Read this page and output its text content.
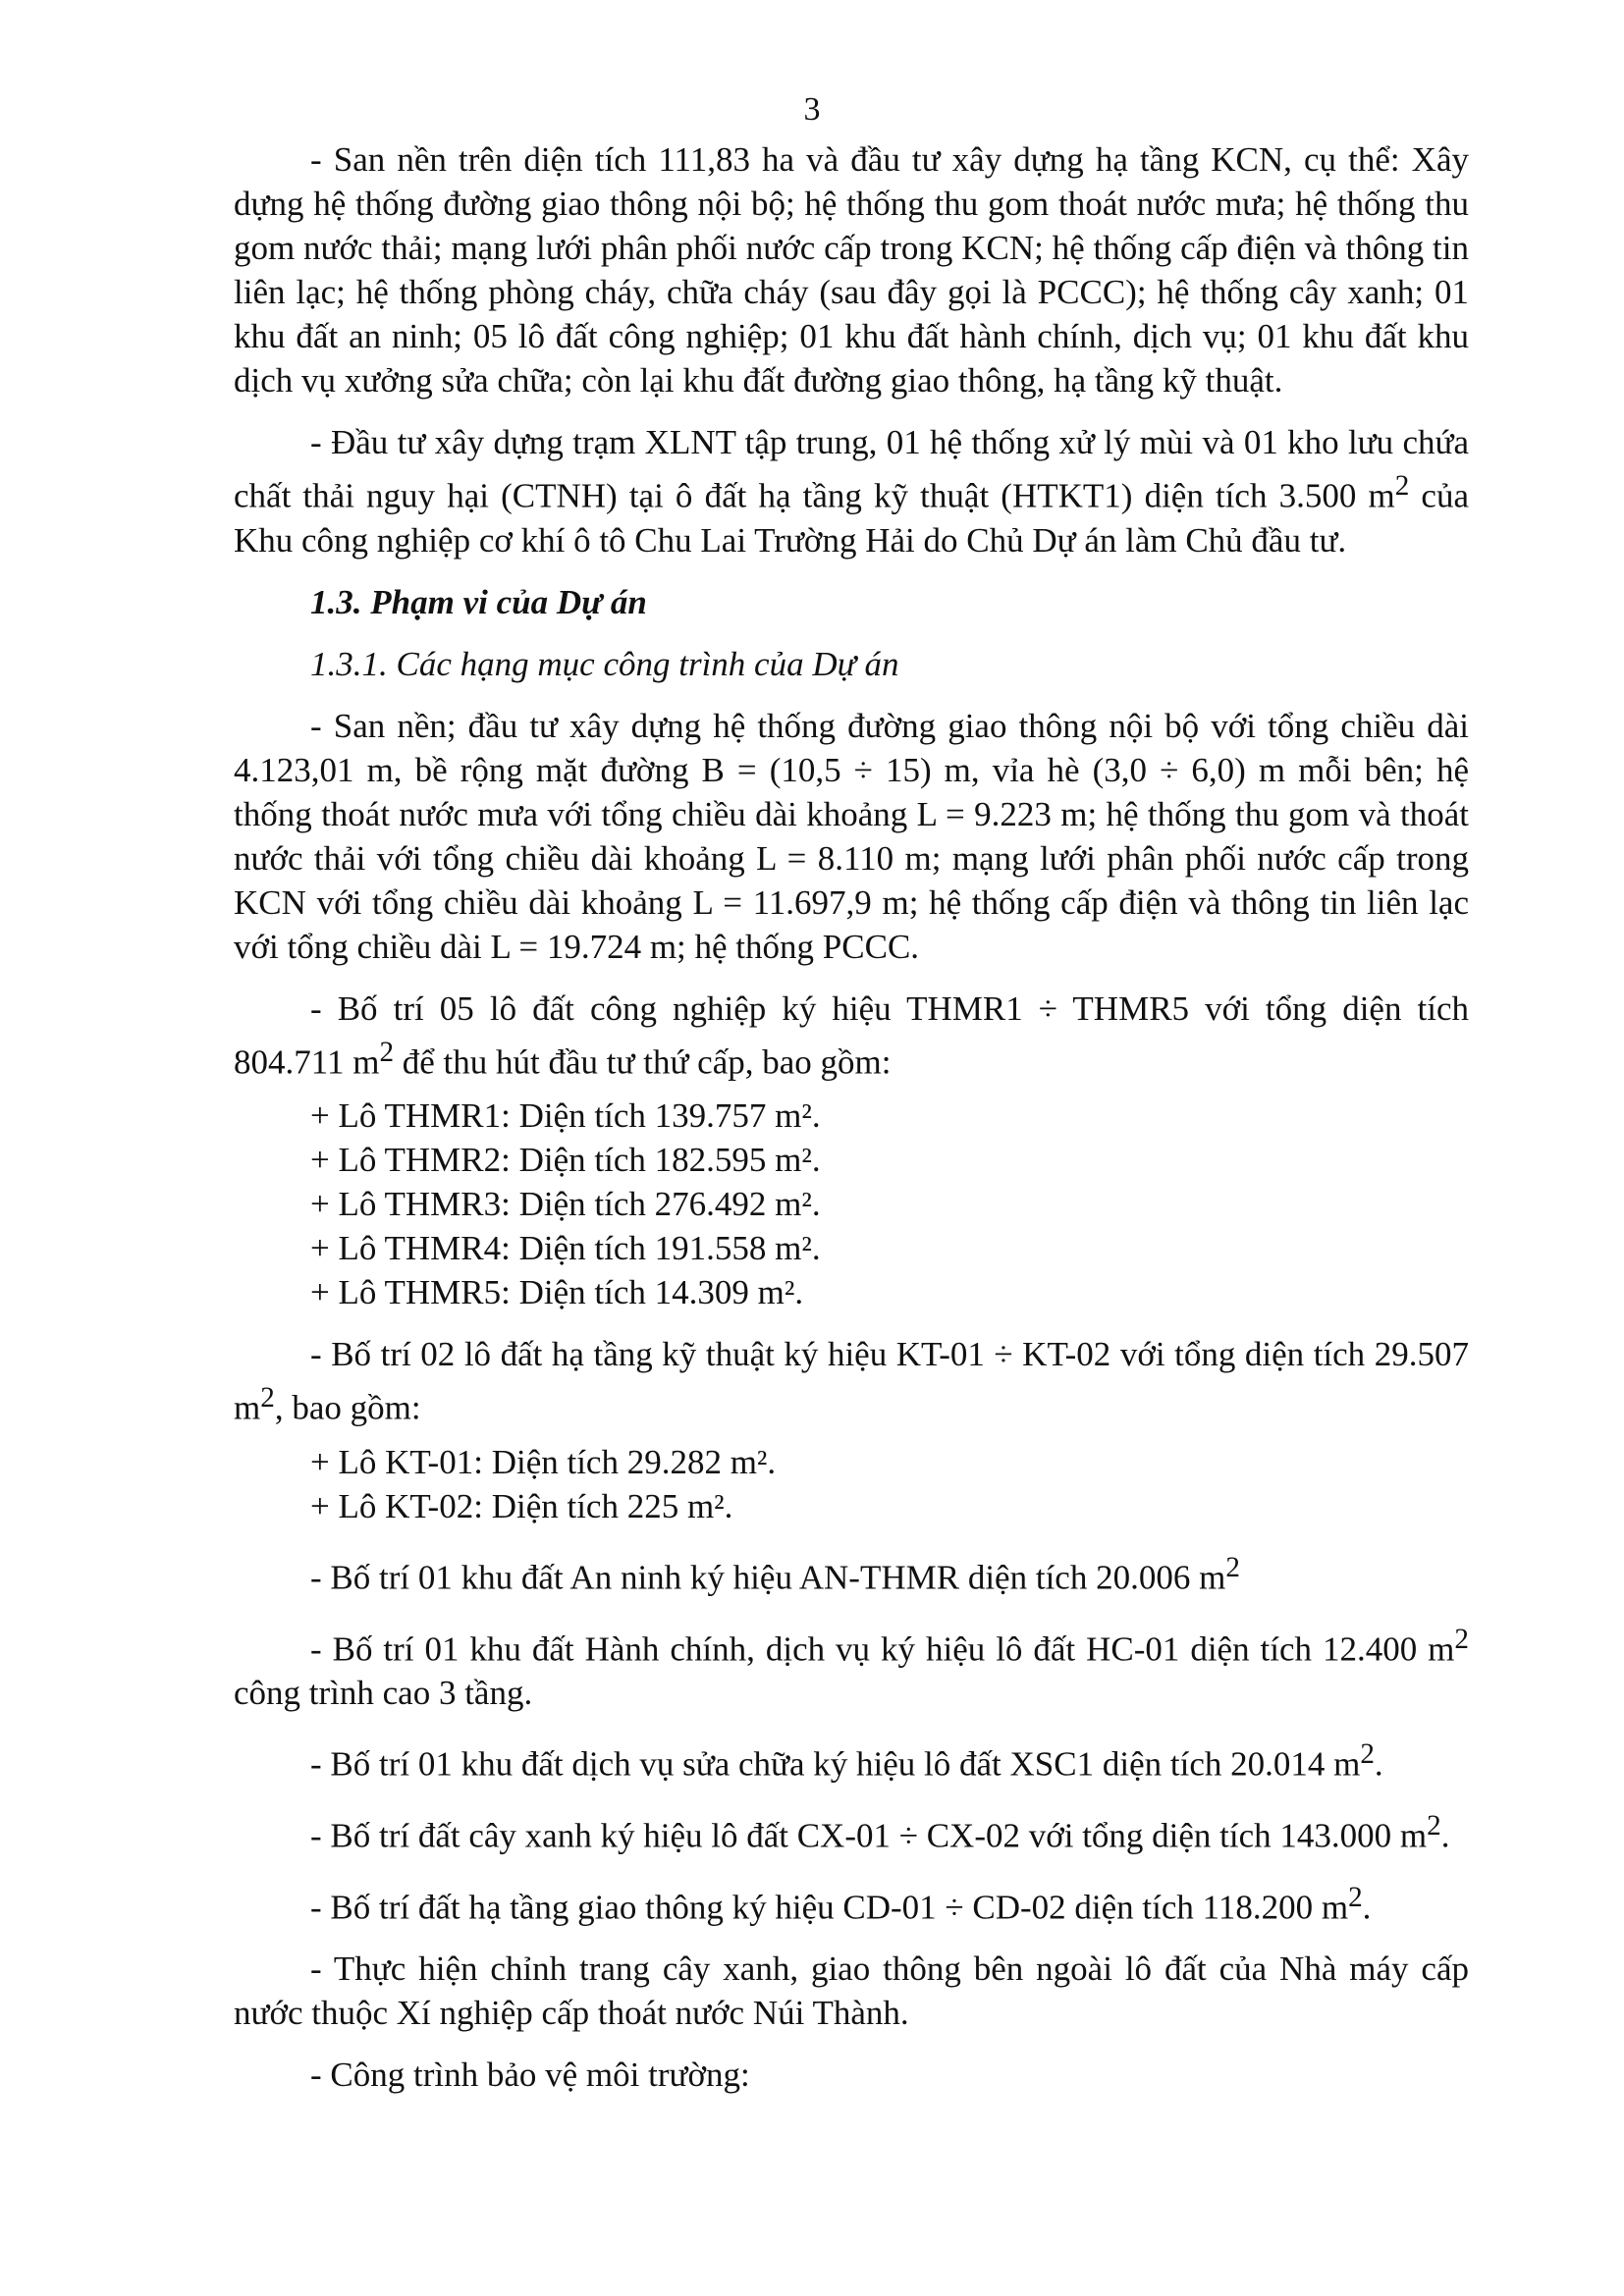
3

- San nền trên diện tích 111,83 ha và đầu tư xây dựng hạ tầng KCN, cụ thể: Xây dựng hệ thống đường giao thông nội bộ; hệ thống thu gom thoát nước mưa; hệ thống thu gom nước thải; mạng lưới phân phối nước cấp trong KCN; hệ thống cấp điện và thông tin liên lạc; hệ thống phòng cháy, chữa cháy (sau đây gọi là PCCC); hệ thống cây xanh; 01 khu đất an ninh; 05 lô đất công nghiệp; 01 khu đất hành chính, dịch vụ; 01 khu đất khu dịch vụ xưởng sửa chữa; còn lại khu đất đường giao thông, hạ tầng kỹ thuật.

- Đầu tư xây dựng trạm XLNT tập trung, 01 hệ thống xử lý mùi và 01 kho lưu chứa chất thải nguy hại (CTNH) tại ô đất hạ tầng kỹ thuật (HTKT1) diện tích 3.500 $m^2$ của Khu công nghiệp cơ khí ô tô Chu Lai Trường Hải do Chủ Dự án làm Chủ đầu tư.

1.3. Phạm vi của Dự án

1.3.1. Các hạng mục công trình của Dự án

- San nền; đầu tư xây dựng hệ thống đường giao thông nội bộ với tổng chiều dài 4.123,01 m, bề rộng mặt đường B = (10,5 ÷ 15) m, vỉa hè (3,0 ÷ 6,0) m mỗi bên; hệ thống thoát nước mưa với tổng chiều dài khoảng L = 9.223 m; hệ thống thu gom và thoát nước thải với tổng chiều dài khoảng L = 8.110 m; mạng lưới phân phối nước cấp trong KCN với tổng chiều dài khoảng L = 11.697,9 m; hệ thống cấp điện và thông tin liên lạc với tổng chiều dài L = 19.724 m; hệ thống PCCC.

- Bố trí 05 lô đất công nghiệp ký hiệu THMR1 ÷ THMR5 với tổng diện tích 804.711 $m^2$ để thu hút đầu tư thứ cấp, bao gồm:

+ Lô THMR1: Diện tích 139.757 m².
+ Lô THMR2: Diện tích 182.595 m².
+ Lô THMR3: Diện tích 276.492 m².
+ Lô THMR4: Diện tích 191.558 m².
+ Lô THMR5: Diện tích 14.309 m².

- Bố trí 02 lô đất hạ tầng kỹ thuật ký hiệu KT-01 ÷ KT-02 với tổng diện tích 29.507 $m^2$, bao gồm:

+ Lô KT-01: Diện tích 29.282 m².
+ Lô KT-02: Diện tích 225 m².

- Bố trí 01 khu đất An ninh ký hiệu AN-THMR diện tích 20.006 $m^2$

- Bố trí 01 khu đất Hành chính, dịch vụ ký hiệu lô đất HC-01 diện tích 12.400 $m^2$ công trình cao 3 tầng.

- Bố trí 01 khu đất dịch vụ sửa chữa ký hiệu lô đất XSC1 diện tích 20.014 $m^2$.

- Bố trí đất cây xanh ký hiệu lô đất CX-01 ÷ CX-02 với tổng diện tích 143.000 $m^2$.

- Bố trí đất hạ tầng giao thông ký hiệu CD-01 ÷ CD-02 diện tích 118.200 $m^2$.

- Thực hiện chỉnh trang cây xanh, giao thông bên ngoài lô đất của Nhà máy cấp nước thuộc Xí nghiệp cấp thoát nước Núi Thành.

- Công trình bảo vệ môi trường:
